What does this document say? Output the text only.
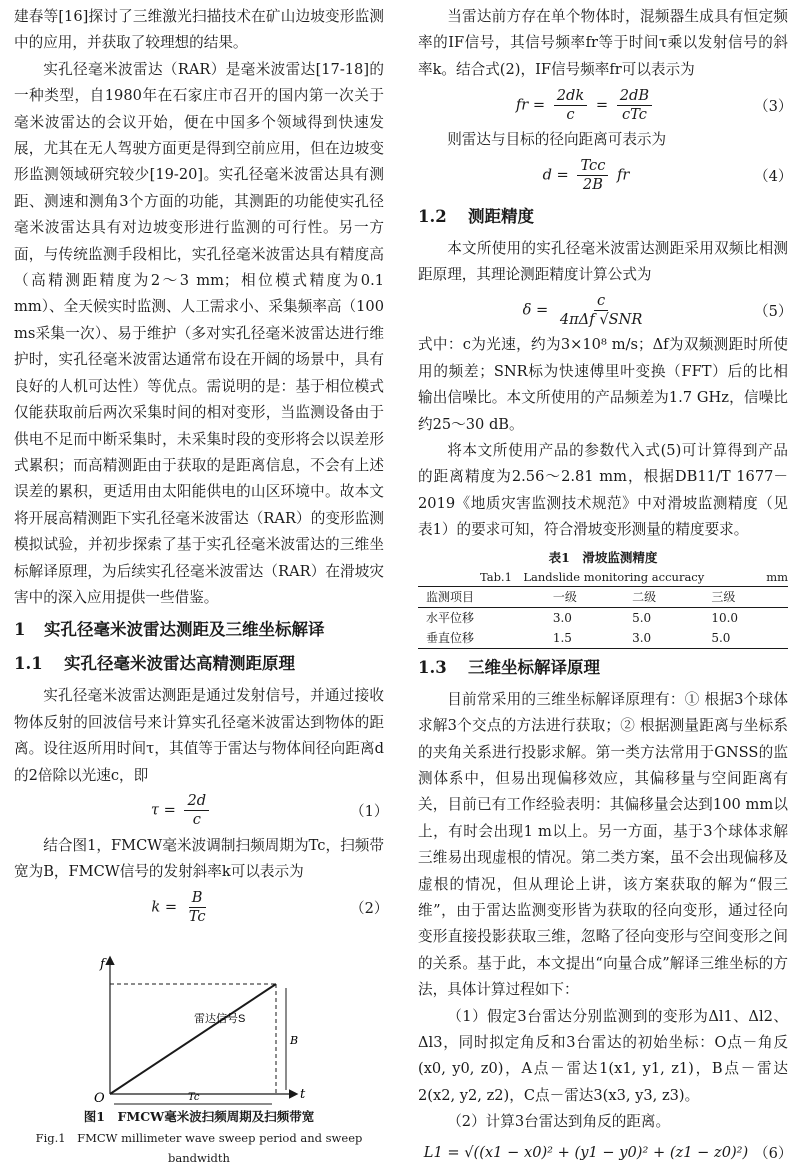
建春等[16]探讨了三维激光扫描技术在矿山边坡变形监测中的应用，并获取了较理想的结果。

实孔径毫米波雷达（RAR）是毫米波雷达[17-18]的一种类型，自1980年在石家庄市召开的国内第一次关于毫米波雷达的会议开始，便在中国多个领域得到快速发展，尤其在无人驾驶方面更是得到空前应用，但在边坡变形监测领域研究较少[19-20]。实孔径毫米波雷达具有测距、测速和测角3个方面的功能，其测距的功能使实孔径毫米波雷达具有对边坡变形进行监测的可行性。另一方面，与传统监测手段相比，实孔径毫米波雷达具有精度高（高精测距精度为2～3 mm；相位模式精度为0.1 mm）、全天候实时监测、人工需求小、采集频率高（100 ms采集一次）、易于维护（多对实孔径毫米波雷达进行维护时，实孔径毫米波雷达通常布设在开阔的场景中，具有良好的人机可达性）等优点。需说明的是：基于相位模式仅能获取前后两次采集时间的相对变形，当监测设备由于供电不足而中断采集时，未采集时段的变形将会以误差形式累积；而高精测距由于获取的是距离信息，不会有上述误差的累积，更适用由太阳能供电的山区环境中。故本文将开展高精测距下实孔径毫米波雷达（RAR）的变形监测模拟试验，并初步探索了基于实孔径毫米波雷达的三维坐标解译原理，为后续实孔径毫米波雷达（RAR）在滑坡灾害中的深入应用提供一些借鉴。

1 实孔径毫米波雷达测距及三维坐标解译
1.1 实孔径毫米波雷达高精测距原理

实孔径毫米波雷达测距是通过发射信号，并通过接收物体反射的回波信号来计算实孔径毫米波雷达到物体的距离。设往返所用时间τ，其值等于雷达与物体间径向距离d的2倍除以光速c，即

$\tau = \frac{2d}{c}$	（1）

结合图1，FMCW毫米波调制扫频周期为Tc，扫频带宽为B，FMCW信号的发射斜率k可以表示为

$k = \frac{B}{Tc}$	（2）
f
t
O
雷达信号S
B
Tc
图1　FMCW毫米波扫频周期及扫频带宽
Fig.1　FMCW millimeter wave sweep period and sweep bandwidth

当雷达前方存在单个物体时，混频器生成具有恒定频率的IF信号，其信号频率fr等于时间τ乘以发射信号的斜率k。结合式(2)，IF信号频率fr可以表示为

fr = $\frac{2dk}{c} = \frac{2dB}{\text{cTc}}$	（3）

则雷达与目标的径向距离可表示为

$d = \frac{\text{Tcc}}{2B}$ fr	（4）
1.2 测距精度

本文所使用的实孔径毫米波雷达测距采用双频比相测距原理，其理论测距精度计算公式为

$\delta = \frac{c}{\text{4πΔf √SNR}}$	（5）

式中：c为光速，约为3×10⁸ m/s；Δf为双频测距时所使用的频差；SNR标为快速傅里叶变换（FFT）后的比相输出信噪比。本文所使用的产品频差为1.7 GHz，信噪比约25～30 dB。

将本文所使用产品的参数代入式(5)可计算得到产品的距离精度为2.56～2.81 mm，根据DB11/T 1677－2019《地质灾害监测技术规范》中对滑坡监测精度（见表1）的要求可知，符合滑坡变形测量的精度要求。

表1　滑坡监测精度
Tab.1　Landslide monitoring accuracy	mm
监测项目	一级	二级	三级
水平位移	3.0	5.0	10.0
垂直位移	1.5	3.0	5.0
1.3 三维坐标解译原理

目前常采用的三维坐标解译原理有：① 根据3个球体求解3个交点的方法进行获取；② 根据测量距离与坐标系的夹角关系进行投影求解。第一类方法常用于GNSS的监测体系中，但易出现偏移效应，其偏移量与空间距离有关，目前已有工作经验表明：其偏移量会达到100 mm以上，有时会出现1 m以上。另一方面，基于3个球体求解三维易出现虚根的情况。第二类方案，虽不会出现偏移及虚根的情况，但从理论上讲，该方案获取的解为“假三维”，由于雷达监测变形皆为获取的径向变形，通过径向变形直接投影获取三维，忽略了径向变形与空间变形之间的关系。基于此，本文提出“向量合成”解译三维坐标的方法，具体计算过程如下：

（1）假定3台雷达分别监测到的变形为Δl1、Δl2、Δl3，同时拟定角反和3台雷达的初始坐标：O点－角反(x0, y0, z0)，A点－雷达1(x1, y1, z1)，B点－雷达2(x2, y2, z2)，C点－雷达3(x3, y3, z3)。

（2）计算3台雷达到角反的距离。

L1 = √((x1 − x0)² + (y1 − y0)² + (z1 − z0)²) （6）
